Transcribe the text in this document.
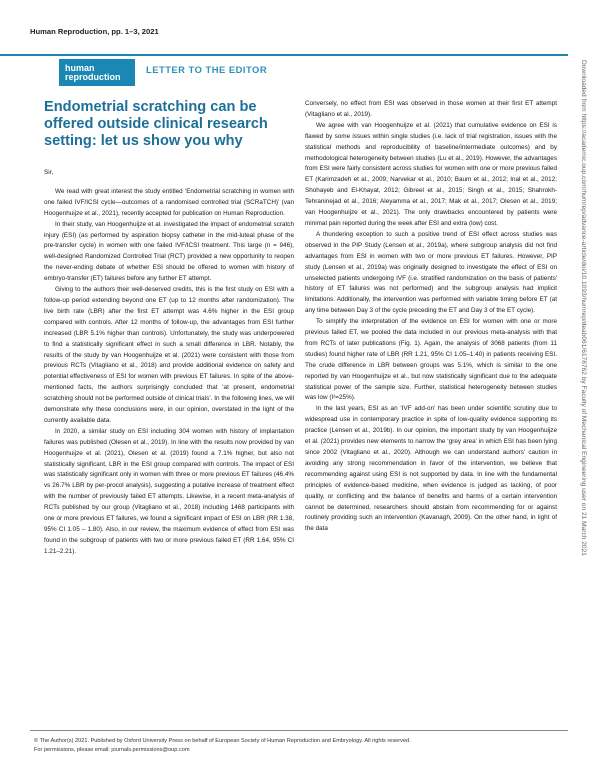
Human Reproduction, pp. 1–3, 2021
human
reproduction
LETTER TO THE EDITOR
Endometrial scratching can be offered outside clinical research setting: let us show you why

Sir,

We read with great interest the study entitled ‘Endometrial scratching in women with one failed IVF/ICSI cycle—outcomes of a randomised controlled trial (SCRaTCH)’ (van Hoogenhuijze et al., 2021), recently accepted for publication on Human Reproduction.

In their study, van Hoogenhuijze et al. investigated the impact of endometrial scratch injury (ESI) (as performed by aspiration biopsy catheter in the mid-luteal phase of the pre-transfer cycle) in women with one failed IVF/ICSI treatment. This large (n = 946), well-designed Randomized Controlled Trial (RCT) provided a new opportunity to reopen the never-ending debate of whether ESI should be offered to women with history of embryo-transfer (ET) failures before any further ET attempt.

Giving to the authors their well-deserved credits, this is the first study on ESI with a follow-up period extending beyond one ET (up to 12 months after randomization). The live birth rate (LBR) after the first ET attempt was 4.6% higher in the ESI group compared with controls. After 12 months of follow-up, the advantages from ESI further increased (LBR 5.1% higher than controls). Unfortunately, the study was underpowered to find a statistically significant effect in such a small difference in LBR. Notably, the results of the study by van Hoogenhuijze et al. (2021) were consistent with those from previous RCTs (Vitagliano et al., 2018) and provide additional evidence on safety and potential effectiveness of ESI for women with previous ET failures. In spite of the above-mentioned facts, the authors surprisingly concluded that ‘at present, endometrial scratching should not be performed outside of clinical trials’. In the following lines, we will demonstrate why these conclusions were, in our opinion, overstated in the light of the currently available data.

In 2020, a similar study on ESI including 304 women with history of implantation failures was published (Olesen et al., 2019). In line with the results now provided by van Hoogenhuijze et al. (2021), Olesen et al. (2019) found a 7.1% higher, but also not statistically significant, LBR in the ESI group compared with controls. The impact of ESI was statistically significant only in women with three or more previous ET failures (46.4% vs 26.7% LBR by per-procol analysis), suggesting a putative increase of treatment effect with the number of previously failed ET attempts. Likewise, in a recent meta-analysis of RCTs published by our group (Vitagliano et al., 2018) including 1468 participants with one or more previous ET failures, we found a significant impact of ESI on LBR (RR 1.38, 95% CI 1.05 – 1.80). Also, in our review, the maximum evidence of effect from ESI was found in the subgroup of patients with two or more previous failed ET (RR 1.64, 95% CI 1.21–2.21).

Conversely, no effect from ESI was observed in those women at their first ET attempt (Vitagliano et al., 2019).

We agree with van Hoogenhuijze et al. (2021) that cumulative evidence on ESI is flawed by some issues within single studies (i.e. lack of trial registration, issues with the statistical methods and reproducibility of baseline/intermediate outcomes) and by methodological heterogeneity between studies (Lu et al., 2019). However, the advantages from ESI were fairly consistent across studies for women with one or more previous failed ET (Karimzadeh et al., 2009; Narvekar et al., 2010; Baum et al., 2012; Inal et al., 2012; Shohayeb and El-Khayat, 2012; Gibreel et al., 2015; Singh et al., 2015; Shahrokh-Tehraninejad et al., 2016; Aleyamma et al., 2017; Mak et al., 2017; Olesen et al., 2019; van Hoogenhuijze et al., 2021). The only drawbacks encountered by patients were minimal pain reported during the week after ESI and extra (low) cost.

A thundering exception to such a positive trend of ESI effect across studies was observed in the PIP Study (Lensen et al., 2019a), where subgroup analysis did not find advantages from ESI in women with two or more previous ET failures. However, PIP study (Lensen et al., 2019a) was originally designed to investigate the effect of ESI on unselected patients undergoing IVF (i.e. stratified randomization on the basis of patients' history of ET failures was not performed) and the subgroup analysis had implicit limitations. Additionally, the intervention was performed with variable timing before ET (at any time between Day 3 of the cycle preceding the ET and Day 3 of the ET cycle).

To simplify the interpretation of the evidence on ESI for women with one or more previous failed ET, we pooled the data included in our previous meta-analysis with that from RCTs of later publications (Fig. 1). Again, the analysis of 3068 patients (from 11 studies) found higher rate of LBR (RR 1.21, 95% CI 1.05–1.40) in patients receiving ESI. The crude difference in LBR between groups was 5.1%, which is similar to the one reported by van Hoogenhuijze et al., but now statistically significant due to the adequate statistical power of the sample size. Further, statistical heterogeneity between studies was low (I²=25%).

In the last years, ESI as an ‘IVF add-on’ has been under scientific scrutiny due to widespread use in contemporary practice in spite of low-quality evidence supporting its practice (Lensen et al., 2019b). In our opinion, the important study by van Hoogenhuijze et al. (2021) provides new elements to narrow the ‘grey area’ in which ESI has been lying since 2002 (Vitagliano et al., 2020). Although we can understand authors' caution in avoiding any strong recommendation in favor of the intervention, we believe that recommending against using ESI is not supported by data. In line with the fundamental principles of evidence-based medicine, when evidence is judged as lacking, of poor quality, or conflicting and the balance of benefits and harms of a certain intervention cannot be determined, researchers should abstain from recommending for or against routinely providing such an intervention (Kavanagh, 2009). On the other hand, in light of the data	Downloaded from https://academic.oup.com/humrep/advance-article/doi/10.1093/humrep/deab061/6178762 by Faculty of Mechanical Engineering user on 21 March 2021
© The Author(s) 2021. Published by Oxford University Press on behalf of European Society of Human Reproduction and Embryology. All rights reserved.
For permissions, please email: journals.permissions@oup.com
